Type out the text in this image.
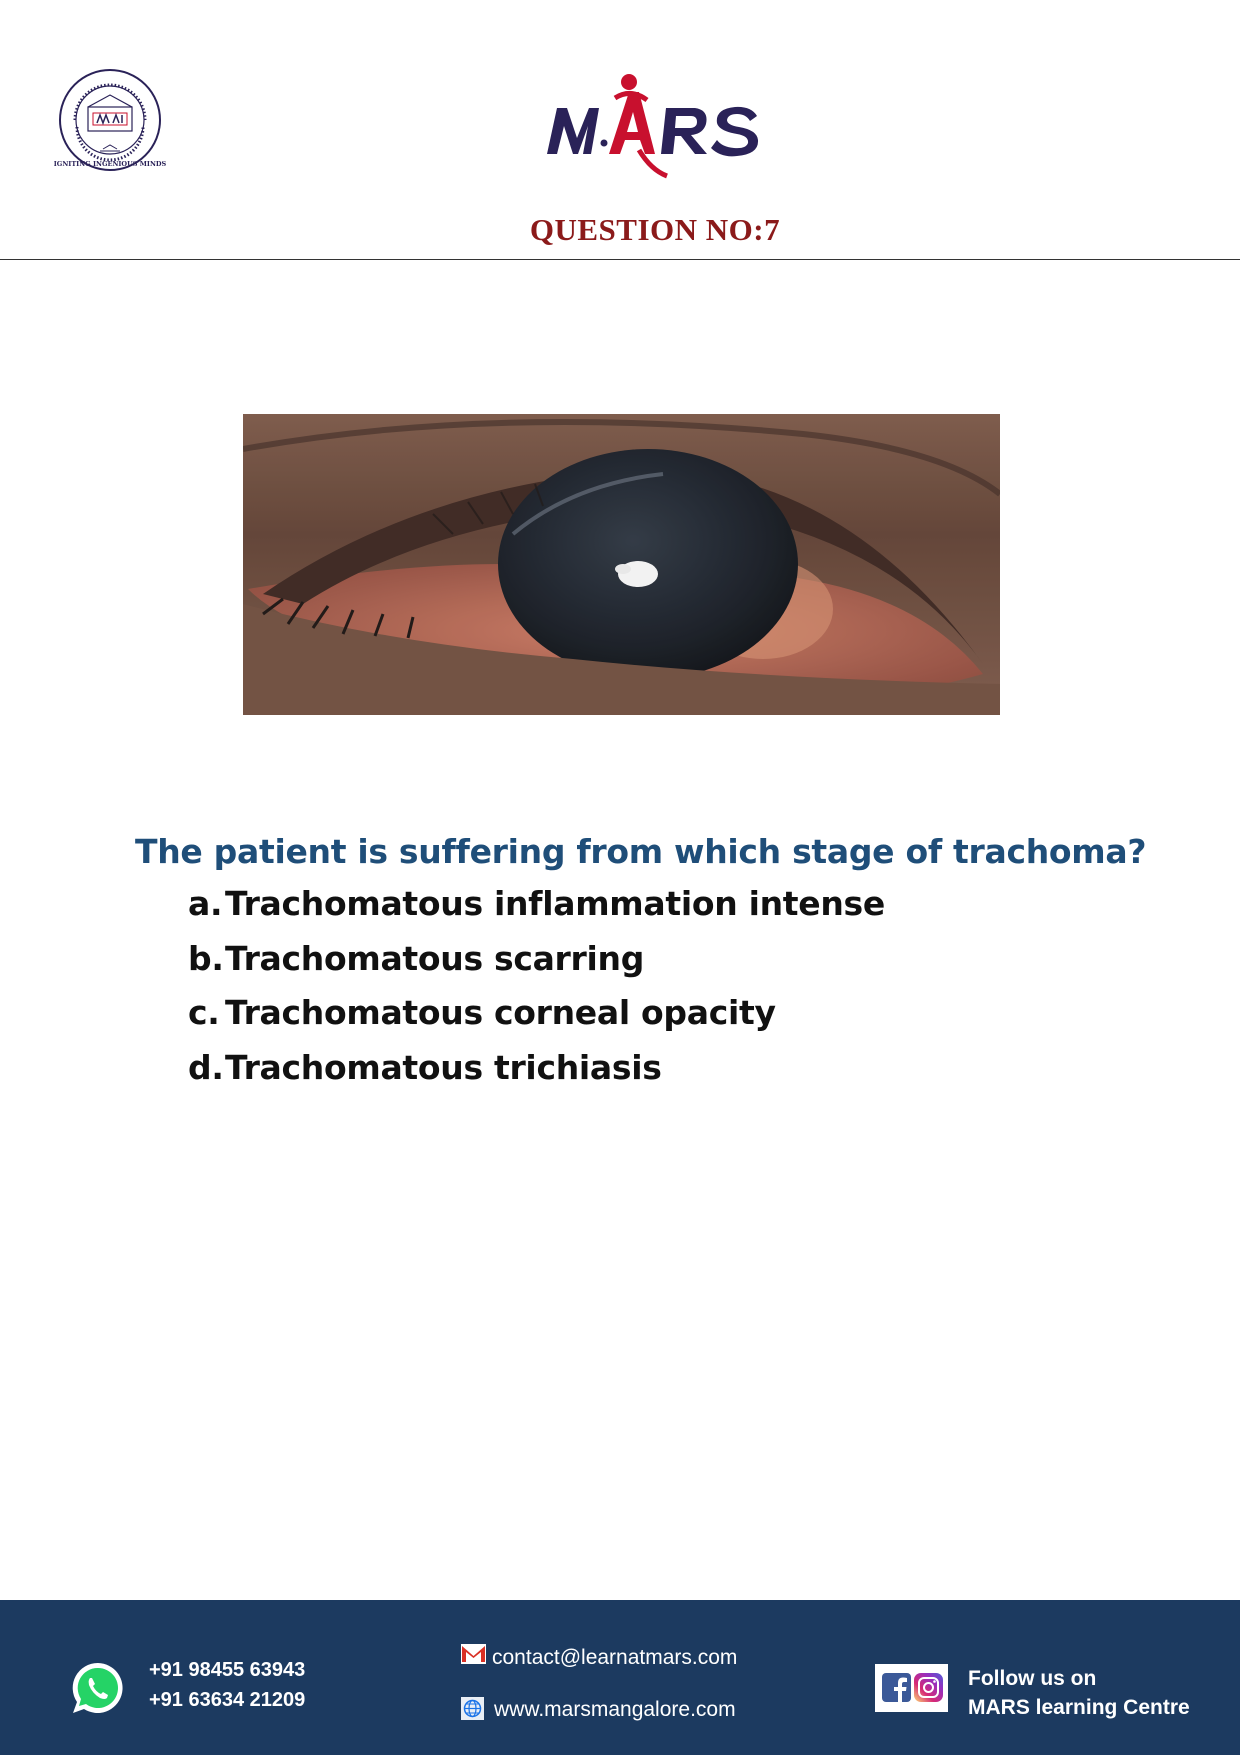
IGNITING INGENIOUS MINDS
QUESTION NO:7
The patient is suffering from which stage of trachoma?
a.Trachomatous inflammation intense
b.Trachomatous scarring
c. Trachomatous corneal opacity
d.Trachomatous trichiasis
+91 98455 63943
+91 63634 21209
contact@learnatmars.com
www.marsmangalore.com
Follow us on
MARS learning Centre
